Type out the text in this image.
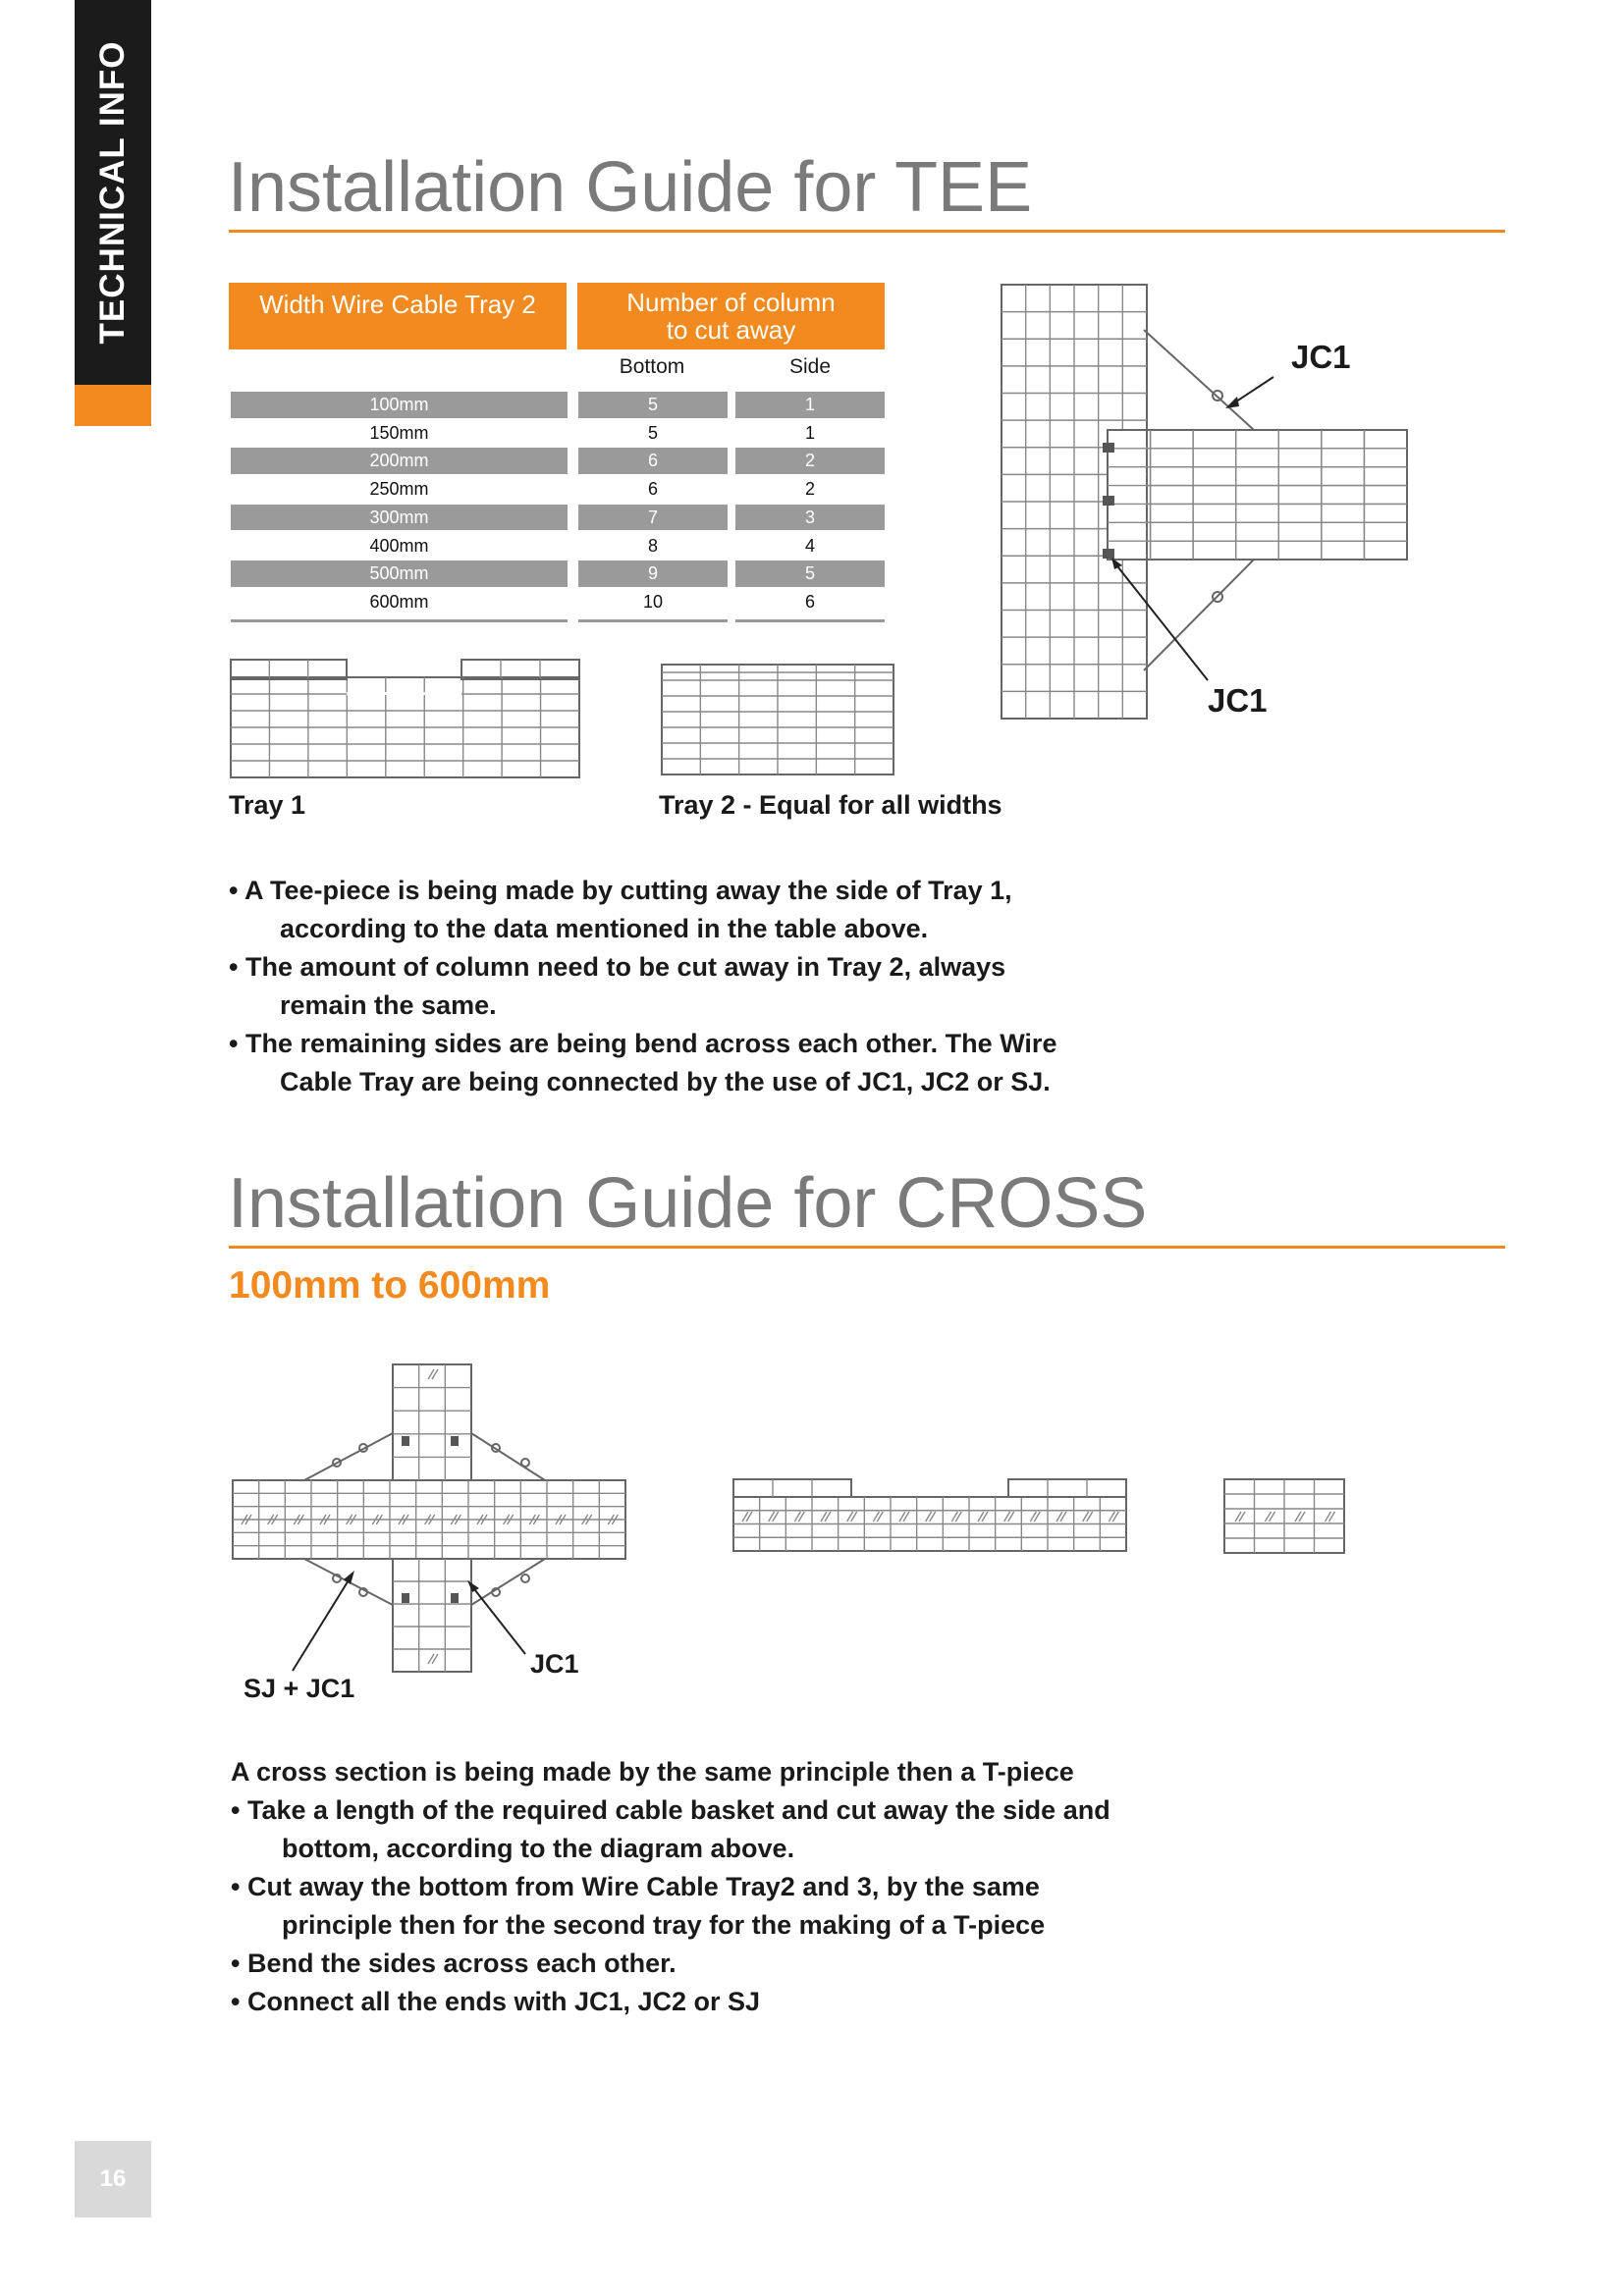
TECHNICAL INFO Installation Guide for TEE
Width Wire Cable Tray 2	Number of column
to cut away
Bottom	Side
100mm	5	1
150mm	5	1
200mm	6	2
250mm	6	2
300mm	7	3
400mm	8	4
500mm	9	5
600mm	10	6
Tray 1	Tray 2 - Equal for all widths
JC1
JC1

• A Tee-piece is being made by cutting away the side of Tray 1,
according to the data mentioned in the table above.

• The amount of column need to be cut away in Tray 2, always
remain the same.

• The remaining sides are being bend across each other. The Wire
Cable Tray are being connected by the use of JC1, JC2 or SJ.

Installation Guide for CROSS
100mm to 600mm
SJ + JC1
JC1
A cross section is being made by the same principle then a T-piece

• Take a length of the required cable basket and cut away the side and
bottom, according to the diagram above.

• Cut away the bottom from Wire Cable Tray2 and 3, by the same
principle then for the second tray for the making of a T-piece

• Bend the sides across each other.

• Connect all the ends with JC1, JC2 or SJ

16
